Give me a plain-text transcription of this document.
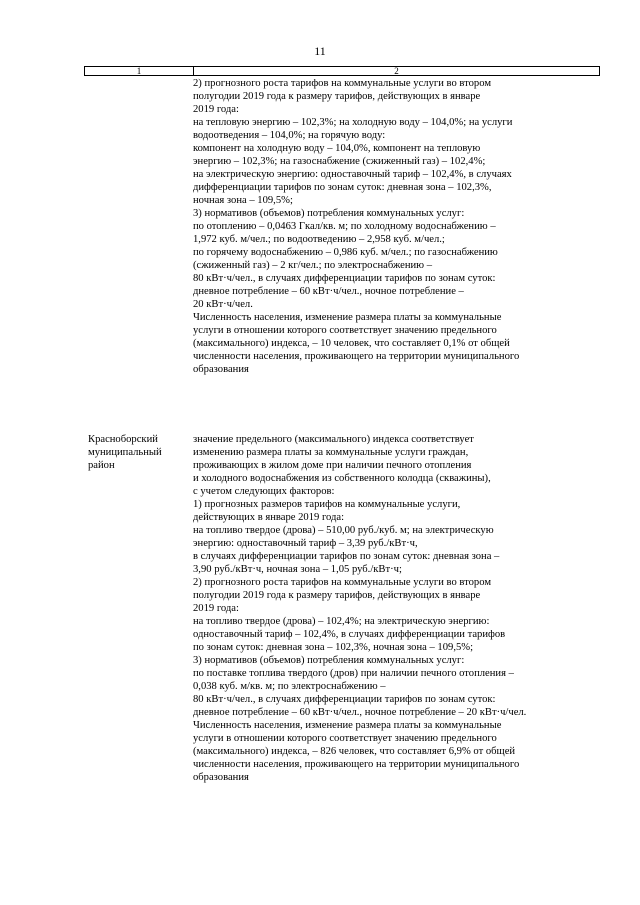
11
1	2
2) прогнозного роста тарифов на коммунальные услуги во втором
полугодии 2019 года к размеру тарифов, действующих в январе
2019 года:
на тепловую энергию – 102,3%; на холодную воду – 104,0%; на услуги
водоотведения – 104,0%; на горячую воду:
компонент на холодную воду – 104,0%, компонент на тепловую
энергию – 102,3%; на газоснабжение (сжиженный газ) – 102,4%;
на электрическую энергию: одноставочный тариф – 102,4%, в случаях
дифференциации тарифов по зонам суток: дневная зона – 102,3%,
ночная зона – 109,5%;
3) нормативов (объемов) потребления коммунальных услуг:
по отоплению – 0,0463 Гкал/кв. м; по холодному водоснабжению –
1,972 куб. м/чел.; по водоотведению – 2,958 куб. м/чел.;
по горячему водоснабжению – 0,986 куб. м/чел.; по газоснабжению
(сжиженный газ) – 2 кг/чел.; по электроснабжению –
80 кВт·ч/чел., в случаях дифференциации тарифов по зонам суток:
дневное потребление – 60 кВт·ч/чел., ночное потребление –
20 кВт·ч/чел.
Численность населения, изменение размера платы за коммунальные
услуги в отношении которого соответствует значению предельного
(максимального) индекса, – 10 человек, что составляет 0,1% от общей
численности населения, проживающего на территории муниципального
образования
Красноборский
муниципальный
район
значение предельного (максимального) индекса соответствует
изменению размера платы за коммунальные услуги граждан,
проживающих в жилом доме при наличии печного отопления
и холодного водоснабжения из собственного колодца (скважины),
с учетом следующих факторов:
1) прогнозных размеров тарифов на коммунальные услуги,
действующих в январе 2019 года:
на топливо твердое (дрова) – 510,00 руб./куб. м; на электрическую
энергию: одноставочный тариф – 3,39 руб./кВт·ч,
в случаях дифференциации тарифов по зонам суток: дневная зона –
3,90 руб./кВт·ч, ночная зона – 1,05 руб./кВт·ч;
2) прогнозного роста тарифов на коммунальные услуги во втором
полугодии 2019 года к размеру тарифов, действующих в январе
2019 года:
на топливо твердое (дрова) – 102,4%; на электрическую энергию:
одноставочный тариф – 102,4%, в случаях дифференциации тарифов
по зонам суток: дневная зона – 102,3%, ночная зона – 109,5%;
3) нормативов (объемов) потребления коммунальных услуг:
по поставке топлива твердого (дров) при наличии печного отопления –
0,038 куб. м/кв. м; по электроснабжению –
80 кВт·ч/чел., в случаях дифференциации тарифов по зонам суток:
дневное потребление – 60 кВт·ч/чел., ночное потребление – 20 кВт·ч/чел.
Численность населения, изменение размера платы за коммунальные
услуги в отношении которого соответствует значению предельного
(максимального) индекса, – 826 человек, что составляет 6,9% от общей
численности населения, проживающего на территории муниципального
образования
